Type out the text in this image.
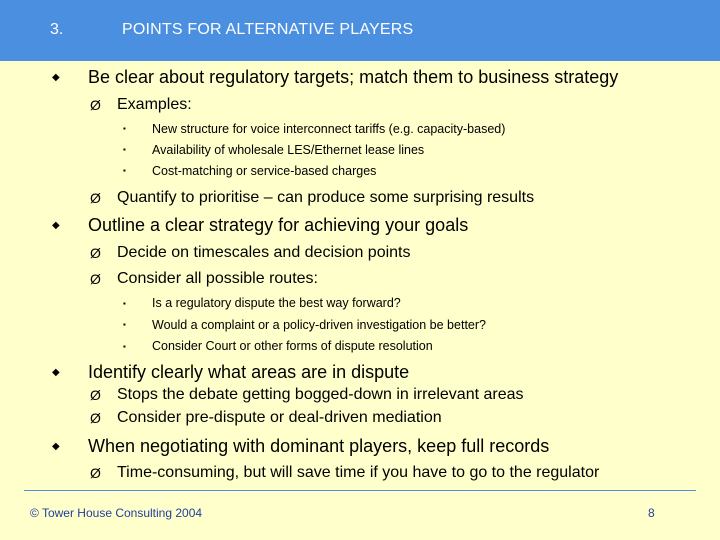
3.	POINTS FOR ALTERNATIVE PLAYERS
◆ Be clear about regulatory targets; match them to business strategy
Ø Examples:
▪ New structure for voice interconnect tariffs (e.g. capacity-based)
▪ Availability of wholesale LES/Ethernet lease lines
▪ Cost-matching or service-based charges
Ø Quantify to prioritise – can produce some surprising results
◆ Outline a clear strategy for achieving your goals
Ø Decide on timescales and decision points
Ø Consider all possible routes:
▪ Is a regulatory dispute the best way forward?
▪ Would a complaint or a policy-driven investigation be better?
▪ Consider Court or other forms of dispute resolution
◆ Identify clearly what areas are in dispute
Ø Stops the debate getting bogged-down in irrelevant areas
Ø Consider pre-dispute or deal-driven mediation
◆ When negotiating with dominant players, keep full records
Ø Time-consuming, but will save time if you have to go to the regulator
© Tower House Consulting 2004	8
